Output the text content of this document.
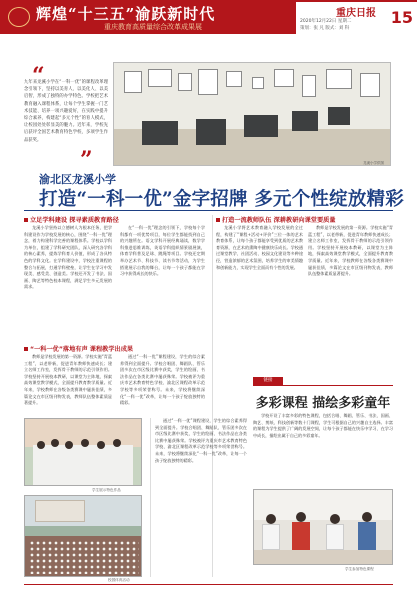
辉煌“十三五”渝跃新时代
重庆教育高质量综合改革成果展
重庆日报 15
2020年12月22日 星期二
策划：张 凡 版式：刘 科
“

九年来龙溪小学在“一科一优”的课程改革理念引领下，坚持以美育人、以美化人、以美启智，形成了独特的办学特色。学校把艺术教育融入课程体系，让每个学生掌握一门艺术技能、培养一项兴趣爱好，在实践中提升综合素养，构建起“多元个性”的育人模式，让校园处处彰显美的魅力。近年来，学校先后获评全国艺术教育特色学校，多项学生作品获奖。

”	龙溪小学供图
渝北区龙溪小学
打造“一科一优”金字招牌 多元个性绽放精彩
立足学科建设 探寻素质教育路径

龙溪小学坚持以立德树人为根本任务，把学科建设作为学校发展的核心，围绕“一科一优”理念，着力构建科学完善的课程体系。学校以学科为单位，组建了学科研究团队，深入研究各学科的核心素养，提炼学科育人价值，形成了各具特色的学科文化。在学科建设中，学校注重课程的整合与拓展，打通学科壁垒，让学生在学习中发现美、感受美、创造美。学校还开发了书法、国画、陶艺等特色校本课程，满足学生多元发展的需求。

在“一科一优”理念的引领下，学校每个学科都有一项优势项目，每位学生都能找到自己的兴趣所在。语文学科开展经典诵读，数学学科推进思维训练，英语学科组织情景剧展演，体育学科普及足球、跳绳等项目。学校还定期举办艺术节、科技节、读书节等活动，为学生搭建展示自我的舞台，让每一个孩子都能在学习中获得成长的快乐。

“一科一优”落地有声 课程教学出成果

教师是学校发展的第一资源。学校实施“青蓝工程”，以老带新，促进青年教师快速成长；建立名师工作室，发挥骨干教师的示范引领作用。学校坚持开展校本教研，以课堂为主阵地，探索高效课堂教学模式，全面提升教育教学质量。近年来，学校教师在各级各类赛课中屡获佳绩，多篇论文在市区级刊物发表，教师队伍整体素质显著提升。

通过“一科一优”课程建设，学生的综合素养得到全面提升。学校合唱团、舞蹈队、管乐团多次在市区级比赛中获奖，学生的绘画、书法作品在各类比赛中屡获殊荣。学校被评为重庆市艺术教育特色学校、渝北区课程改革示范学校等多项荣誉称号。未来，学校将继续深化“一科一优”改革，让每一个孩子绽放独特的精彩。

学生展示特色作品
校园体育活动
打造一流教师队伍 深耕教研向课堂要质量

龙溪小学将艺术教育融入学校发展的全过程，构建了“课程+活动+评价”三位一体的艺术教育体系，让每个孩子都能享受到优质的艺术教育资源，在艺术的熏陶中健康快乐成长。学校通过课堂教学、社团活动、校园文化建设等多种途径，营造浓郁的艺术氛围，培养学生的审美情趣和创新能力，实现学生全面而有个性的发展。

教师是学校发展的第一资源。学校实施“青蓝工程”，以老带新，促进青年教师快速成长；建立名师工作室，发挥骨干教师的示范引领作用。学校坚持开展校本教研，以课堂为主阵地，探索高效课堂教学模式，全面提升教育教学质量。近年来，学校教师在各级各类赛课中屡获佳绩，多篇论文在市区级刊物发表，教师队伍整体素质显著提升。

通过“一科一优”课程建设，学生的综合素养得到全面提升。学校合唱团、舞蹈队、管乐团多次在市区级比赛中获奖，学生的绘画、书法作品在各类比赛中屡获殊荣。学校被评为重庆市艺术教育特色学校、渝北区课程改革示范学校等多项荣誉称号。未来，学校将继续深化“一科一优”改革，让每一个孩子绽放独特的精彩。

链接
多彩课程 描绘多彩童年

学校开设了丰富多彩的特色课程，包括合唱、舞蹈、管乐、书法、国画、陶艺、剪纸、科技创新等数十门课程，学生可根据自己的兴趣自主选择。丰富的课程为学生提供了广阔的发展空间，让每个孩子都能在快乐中学习、在学习中成长，描绘出属于自己的多彩童年。

学生参加特色课程
